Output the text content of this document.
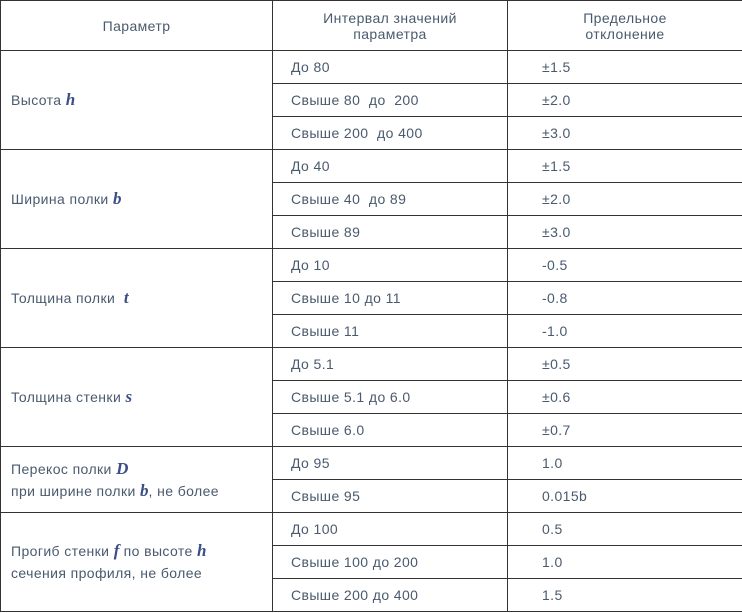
Параметр	Интервал значений параметра	Предельное отклонение

Высота h	До 80	±1.5
	Свыше 80  до  200	±2.0
	Свыше 200  до 400	±3.0
Ширина полки b	До 40	±1.5
	Свыше 40  до 89	±2.0
	Свыше 89	±3.0
Толщина полки t	До 10	-0.5
	Свыше 10 до 11	-0.8
	Свыше 11	-1.0
Толщина стенки s	До 5.1	±0.5
	Свыше 5.1 до 6.0	±0.6
	Свыше 6.0	±0.7

Перекос полки D
при ширине полки b, не более	До 95	1.0
	Свыше 95	0.015b

Прогиб стенки f по высоте h
сечения профиля, не более	До 100	0.5
	Свыше 100 до 200	1.0
	Свыше 200 до 400	1.5
